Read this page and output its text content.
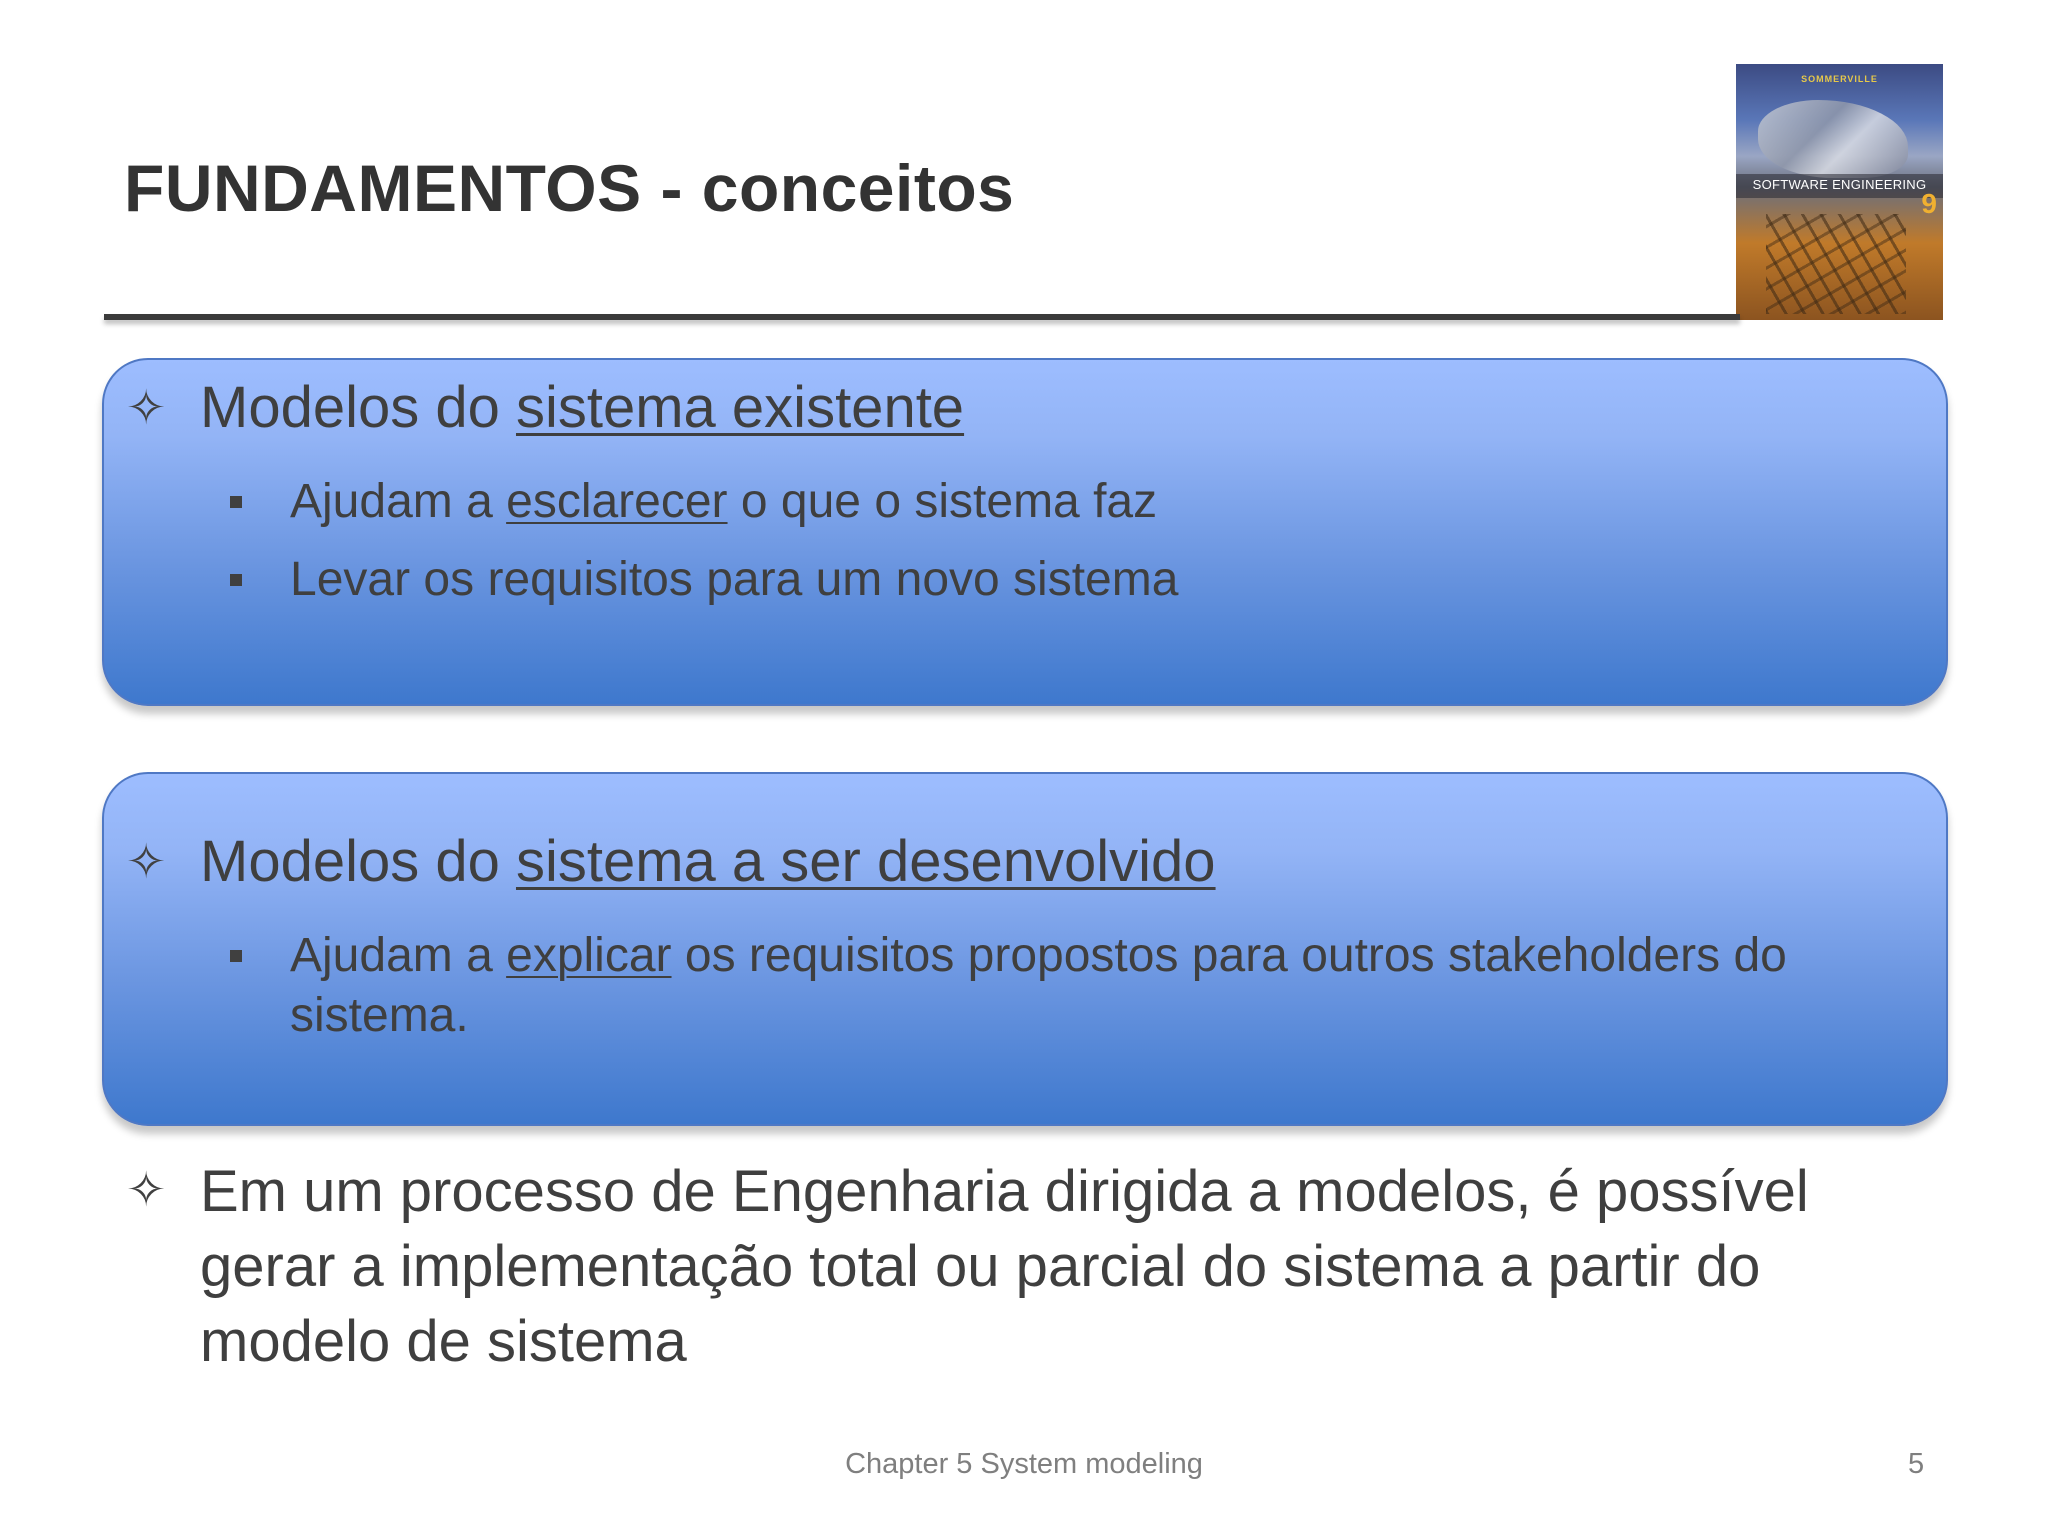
FUNDAMENTOS - conceitos
SOMMERVILLE
SOFTWARE ENGINEERING
9
✧ Modelos do sistema existente
Ajudam a esclarecer o que o sistema faz
Levar os requisitos para um novo sistema
✧ Modelos do sistema a ser desenvolvido
Ajudam a explicar os requisitos propostos para outros stakeholders do sistema.
✧ Em um processo de Engenharia dirigida a modelos, é possível gerar a implementação total ou parcial do sistema a partir do modelo de sistema
Chapter 5 System modeling	5
